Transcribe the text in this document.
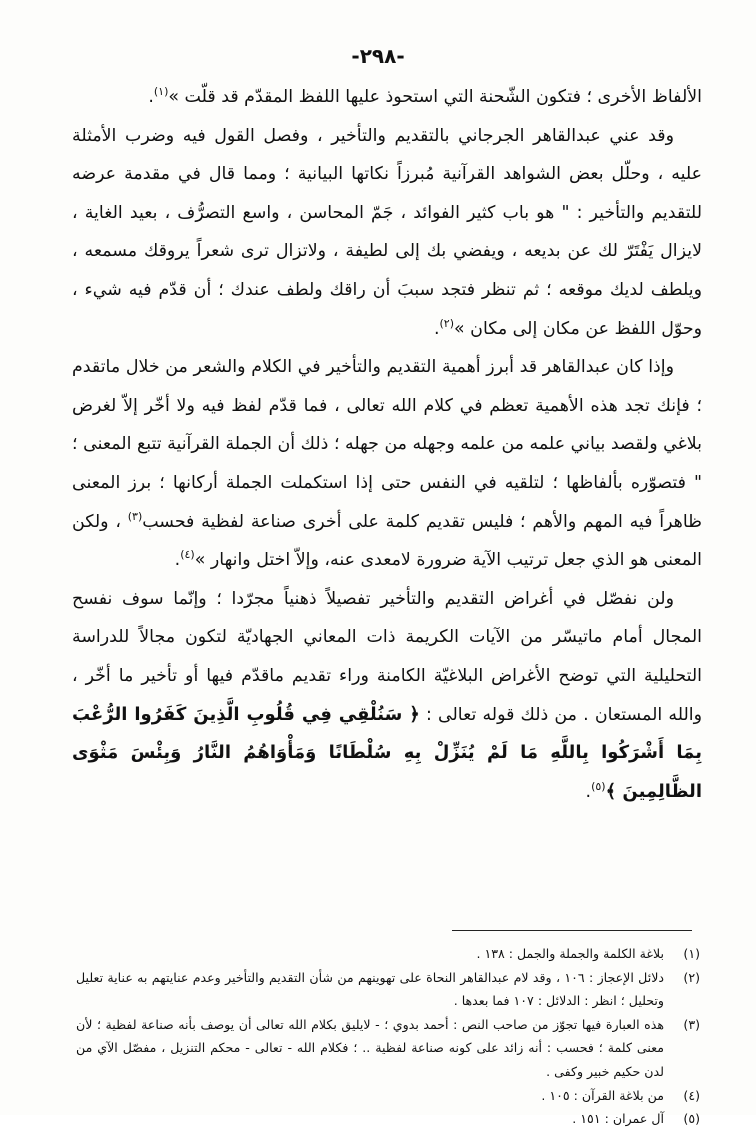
-٢٩٨-

الألفاظ الأخرى ؛ فتكون الشّحنة التي استحوذ عليها اللفظ المقدّم قد قلّت »$^{(١)}$.

وقد عني عبدالقاهر الجرجاني بالتقديم والتأخير ، وفصل القول فيه وضرب الأمثلة عليه ، وحلّل بعض الشواهد القرآنية مُبرزاً نكاتها البيانية ؛ ومما قال في مقدمة عرضه للتقديم والتأخير : " هو باب كثير الفوائد ، جَمّ المحاسن ، واسع التصرُّف ، بعيد الغاية ، لايزال يَفْتَرّ لك عن بديعه ، ويفضي بك إلى لطيفة ، ولاتزال ترى شعراً يروقك مسمعه ، ويلطف لديك موقعه ؛ ثم تنظر فتجد سببَ أن راقك ولطف عندك ؛ أن قدّم فيه شيء ، وحوّل اللفظ عن مكان إلى مكان »$^{(٢)}$.

وإذا كان عبدالقاهر قد أبرز أهمية التقديم والتأخير في الكلام والشعر من خلال ماتقدم ؛ فإنك تجد هذه الأهمية تعظم في كلام الله تعالى ، فما قدّم لفظ فيه ولا أخّر إلاّ لغرض بلاغي ولقصد بياني علمه من علمه وجهله من جهله ؛ ذلك أن الجملة القرآنية تتبع المعنى ؛ " فتصوّره بألفاظها ؛ لتلقيه في النفس حتى إذا استكملت الجملة أركانها ؛ برز المعنى ظاهراً فيه المهم والأهم ؛ فليس تقديم كلمة على أخرى صناعة لفظية فحسب$^{(٣)}$ ، ولكن المعنى هو الذي جعل ترتيب الآية ضرورة لامعدى عنه، وإلاّ اختل وانهار »$^{(٤)}$.

ولن نفصّل في أغراض التقديم والتأخير تفصيلاً ذهنياً مجرّدا ؛ وإنّما سوف نفسح المجال أمام ماتيسّر من الآيات الكريمة ذات المعاني الجهاديّة لتكون مجالاً للدراسة التحليلية التي توضح الأغراض البلاغيّة الكامنة وراء تقديم ماقدّم فيها أو تأخير ما أخّر ، والله المستعان . من ذلك قوله تعالى : ﴿ سَنُلْقِي فِي قُلُوبِ الَّذِينَ كَفَرُوا الرُّعْبَ بِمَا أَشْرَكُوا بِاللَّهِ مَا لَمْ يُنَزِّلْ بِهِ سُلْطَانًا وَمَأْوَاهُمُ النَّارُ وَبِئْسَ مَثْوَى الظَّالِمِينَ ﴾$^{(٥)}$.

(١)
بلاغة الكلمة والجملة والجمل : ١٣٨ .
(٢)
دلائل الإعجاز : ١٠٦ ، وقد لام عبدالقاهر النحاة على تهوينهم من شأن التقديم والتأخير وعدم عنايتهم به عناية تعليل وتحليل ؛ انظر : الدلائل : ١٠٧ فما بعدها .
(٣)
هذه العبارة فيها تجوّز من صاحب النص : أحمد بدوي ؛ - لايليق بكلام الله تعالى أن يوصف بأنه صناعة لفظية ؛ لأن معنى كلمة ؛ فحسب : أنه زائد على كونه صناعة لفظية .. ؛ فكلام الله - تعالى - محكم التنزيل ، مفصّل الآي من لدن حكيم خبير وكفى .
(٤)
من بلاغة القرآن : ١٠٥ .
(٥)
آل عمران : ١٥١ .
